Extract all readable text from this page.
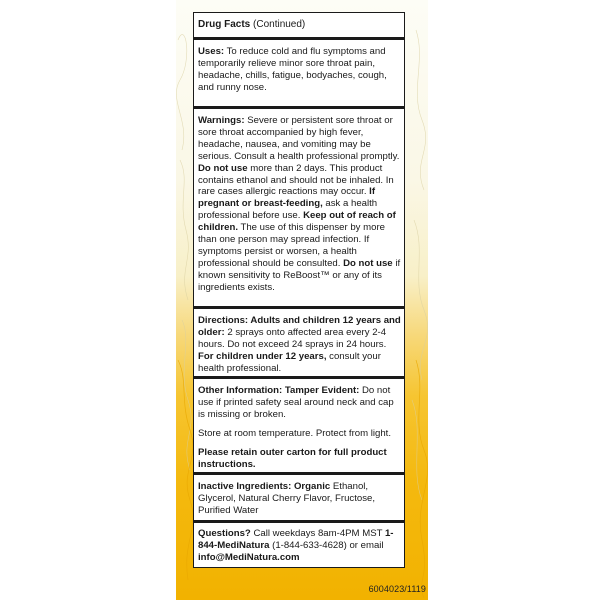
Drug Facts (Continued)

Uses: To reduce cold and flu symptoms and temporarily relieve minor sore throat pain, headache, chills, fatigue, bodyaches, cough, and runny nose.

Warnings: Severe or persistent sore throat or sore throat accompanied by high fever, headache, nausea, and vomiting may be serious. Consult a health professional promptly. Do not use more than 2 days. This product contains ethanol and should not be inhaled. In rare cases allergic reactions may occur. If pregnant or breast-feeding, ask a health professional before use. Keep out of reach of children. The use of this dispenser by more than one person may spread infection. If symptoms persist or worsen, a health professional should be consulted. Do not use if known sensitivity to ReBoost™ or any of its ingredients exists.

Directions: Adults and children 12 years and older: 2 sprays onto affected area every 2-4 hours. Do not exceed 24 sprays in 24 hours. For children under 12 years, consult your health professional.

Other Information: Tamper Evident: Do not use if printed safety seal around neck and cap is missing or broken.

Store at room temperature. Protect from light.

Please retain outer carton for full product instructions.

Inactive Ingredients: Organic Ethanol, Glycerol, Natural Cherry Flavor, Fructose, Purified Water

Questions? Call weekdays 8am-4PM MST 1-844-MediNatura (1-844-633-4628) or email info@MediNatura.com

6004023/1119
